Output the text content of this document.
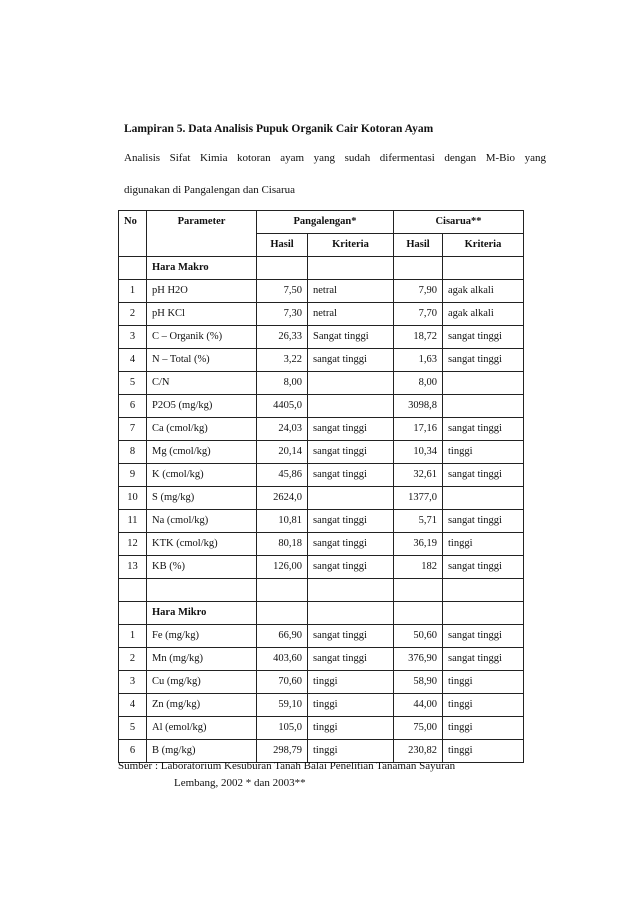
Lampiran 5. Data Analisis Pupuk Organik Cair Kotoran Ayam
Analisis Sifat Kimia kotoran ayam yang sudah difermentasi dengan M-Bio yang
digunakan di Pangalengan dan Cisarua
No	Parameter	Pangalengan*		Cisarua**	
		Hasil	Kriteria	Hasil	Kriteria
	Hara Makro				
1	pH H2O	7,50	netral	7,90	agak alkali
2	pH KCl	7,30	netral	7,70	agak alkali
3	C – Organik (%)	26,33	Sangat tinggi	18,72	sangat tinggi
4	N – Total (%)	3,22	sangat tinggi	1,63	sangat tinggi
5	C/N	8,00		8,00	
6	P2O5 (mg/kg)	4405,0		3098,8	
7	Ca (cmol/kg)	24,03	sangat tinggi	17,16	sangat tinggi
8	Mg (cmol/kg)	20,14	sangat tinggi	10,34	tinggi
9	K (cmol/kg)	45,86	sangat tinggi	32,61	sangat tinggi
10	S (mg/kg)	2624,0		1377,0	
11	Na (cmol/kg)	10,81	sangat tinggi	5,71	sangat tinggi
12	KTK (cmol/kg)	80,18	sangat tinggi	36,19	tinggi
13	KB (%)	126,00	sangat tinggi	182	sangat tinggi

	Hara Mikro				
1	Fe (mg/kg)	66,90	sangat tinggi	50,60	sangat tinggi
2	Mn (mg/kg)	403,60	sangat tinggi	376,90	sangat tinggi
3	Cu (mg/kg)	70,60	tinggi	58,90	tinggi
4	Zn (mg/kg)	59,10	tinggi	44,00	tinggi
5	Al (emol/kg)	105,0	tinggi	75,00	tinggi
6	B (mg/kg)	298,79	tinggi	230,82	tinggi
Sumber : Laboratorium Kesuburan Tanah Balai Penelitian Tanaman Sayuran
Lembang, 2002 * dan 2003**
